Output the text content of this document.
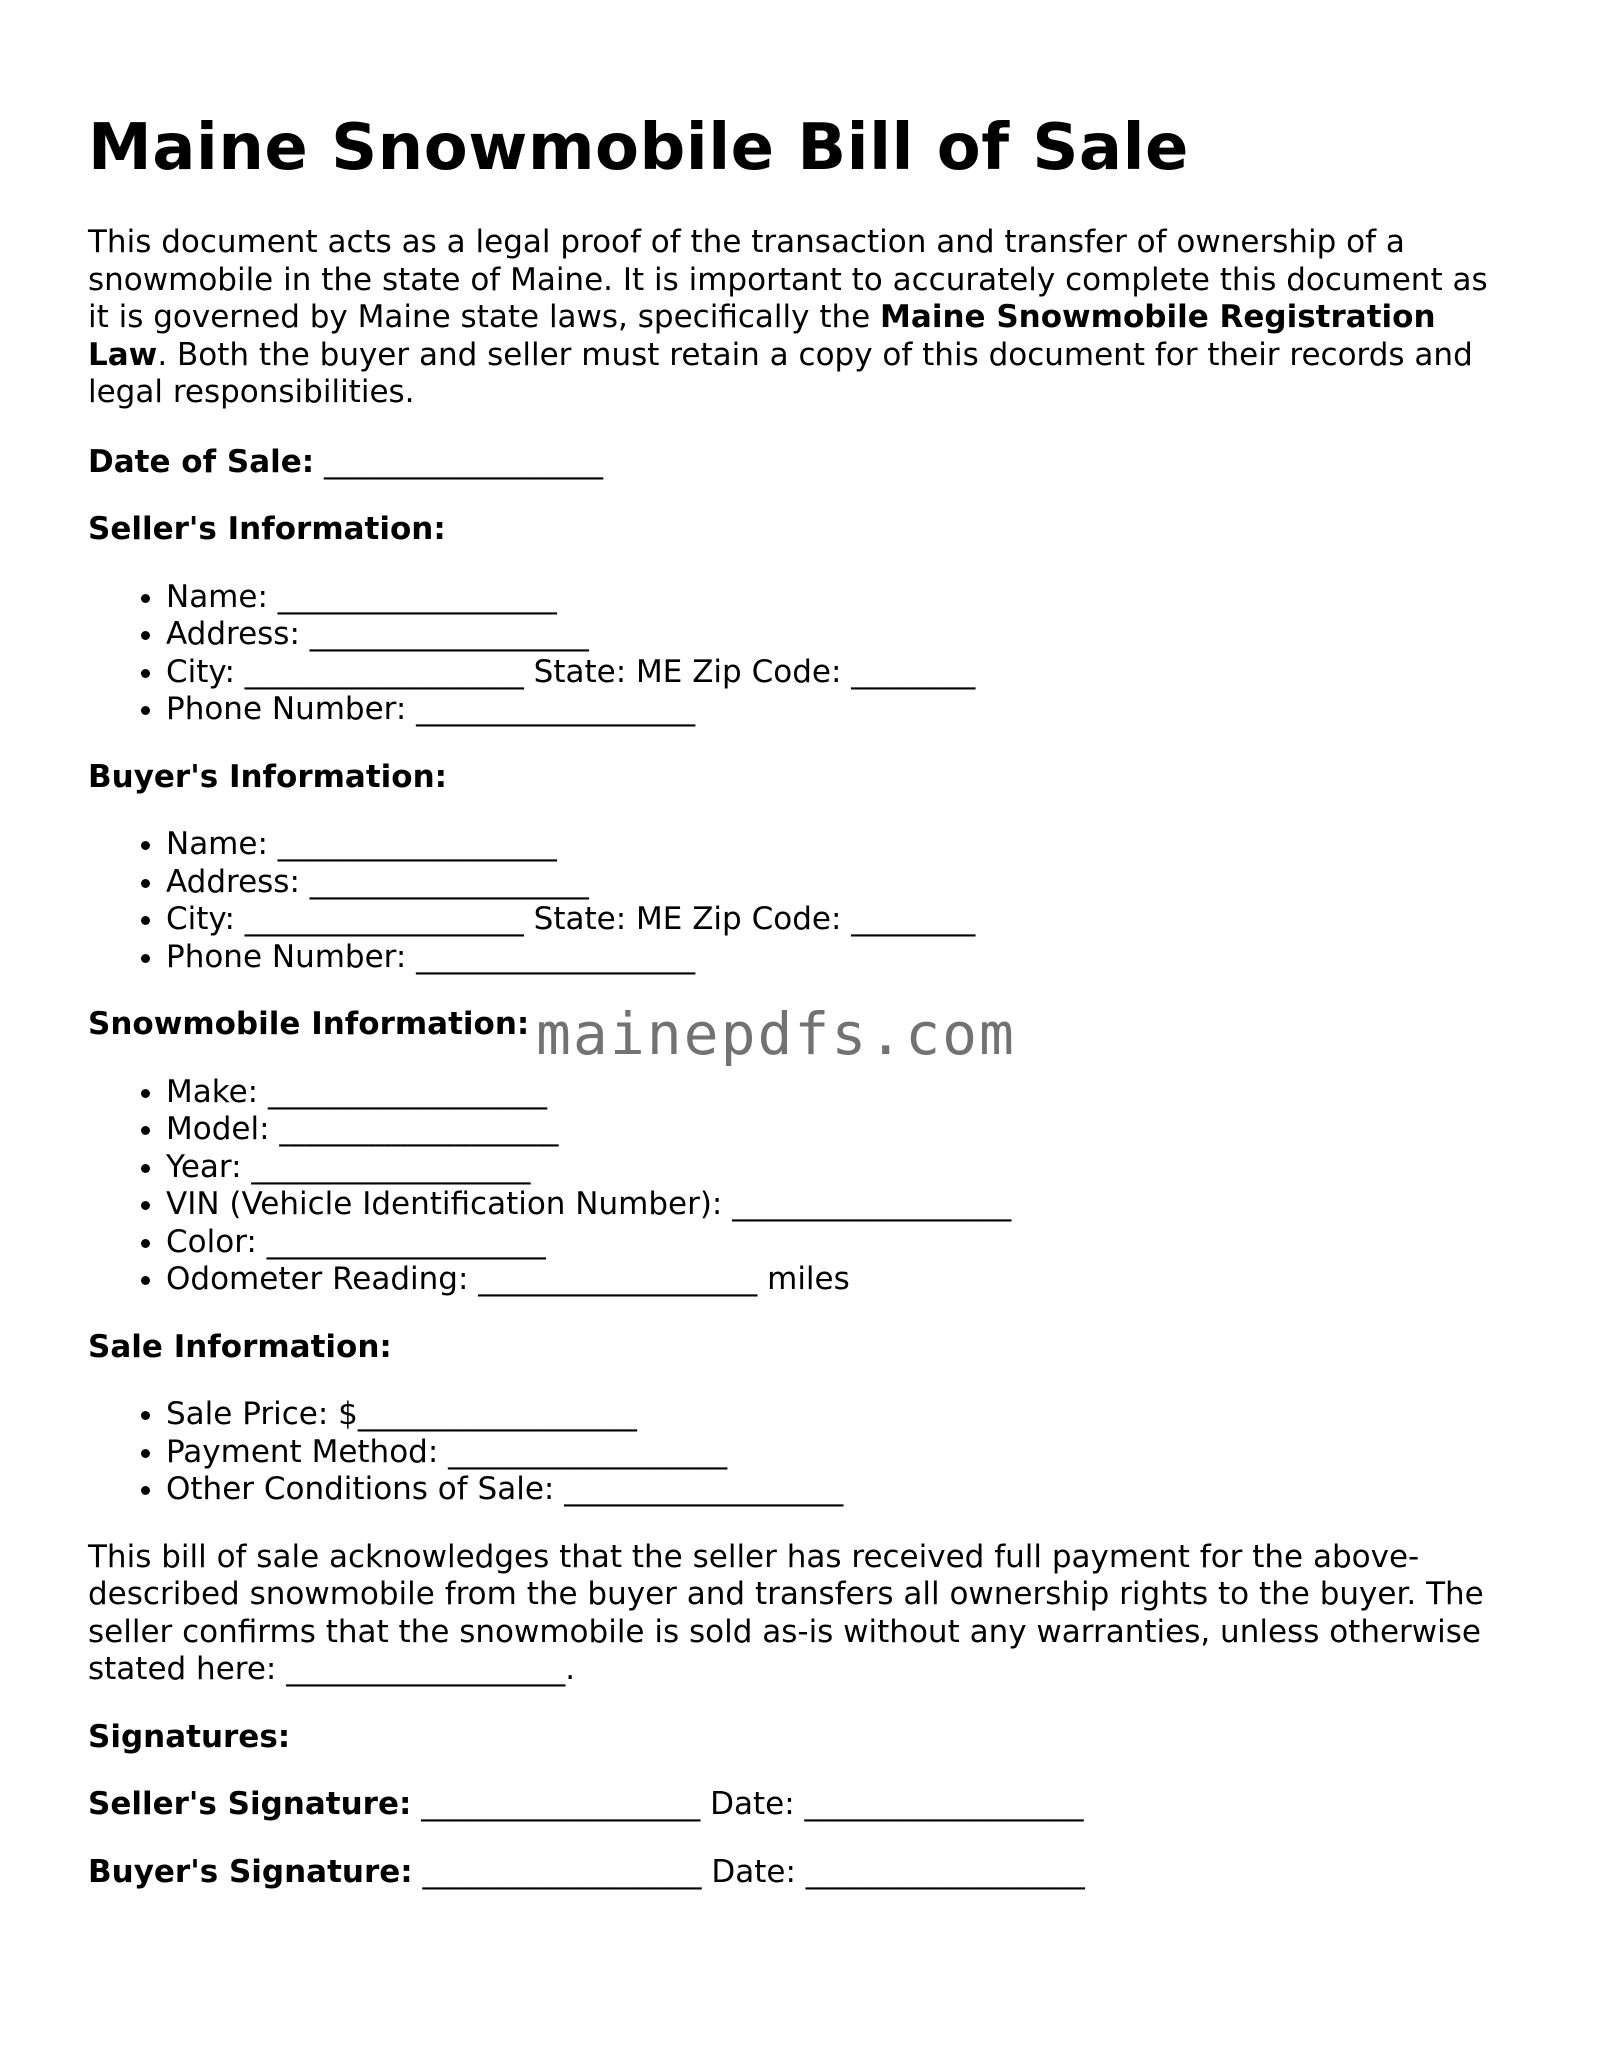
Maine Snowmobile Bill of Sale

This document acts as a legal proof of the transaction and transfer of ownership of a snowmobile in the state of Maine. It is important to accurately complete this document as it is governed by Maine state laws, specifically the Maine Snowmobile Registration Law. Both the buyer and seller must retain a copy of this document for their records and legal responsibilities.

Date of Sale: __________________

Seller's Information:

• Name: __________________
• Address: __________________
• City: __________________ State: ME Zip Code: ________
• Phone Number: __________________

Buyer's Information:

• Name: __________________
• Address: __________________
• City: __________________ State: ME Zip Code: ________
• Phone Number: __________________

Snowmobile Information:

• Make: __________________
• Model: __________________
• Year: __________________
• VIN (Vehicle Identification Number): __________________
• Color: __________________
• Odometer Reading: __________________ miles

Sale Information:

• Sale Price: $__________________
• Payment Method: __________________
• Other Conditions of Sale: __________________

This bill of sale acknowledges that the seller has received full payment for the above-described snowmobile from the buyer and transfers all ownership rights to the buyer. The seller confirms that the snowmobile is sold as-is without any warranties, unless otherwise stated here: __________________.

Signatures:

Seller's Signature: __________________ Date: __________________

Buyer's Signature: __________________ Date: __________________

mainepdfs.com
